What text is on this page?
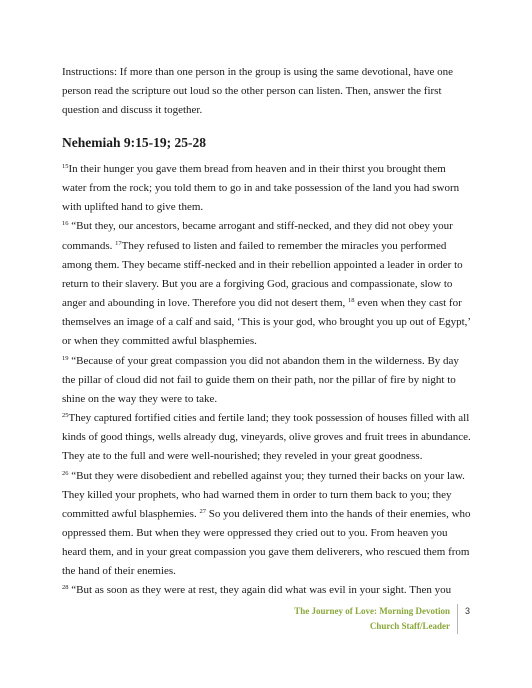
Instructions: If more than one person in the group is using the same devotional, have one person read the scripture out loud so the other person can listen. Then, answer the first question and discuss it together.
Nehemiah 9:15-19; 25-28

$^{15}$In their hunger you gave them bread from heaven and in their thirst you brought them water from the rock; you told them to go in and take possession of the land you had sworn with uplifted hand to give them.

$^{16}$ “But they, our ancestors, became arrogant and stiff-necked, and they did not obey your commands. $^{17}$They refused to listen and failed to remember the miracles you performed among them. They became stiff-necked and in their rebellion appointed a leader in order to return to their slavery. But you are a forgiving God, gracious and compassionate, slow to anger and abounding in love. Therefore you did not desert them, $^{18}$ even when they cast for themselves an image of a calf and said, ‘This is your god, who brought you up out of Egypt,’ or when they committed awful blasphemies.

$^{19}$ “Because of your great compassion you did not abandon them in the wilderness. By day the pillar of cloud did not fail to guide them on their path, nor the pillar of fire by night to shine on the way they were to take.

$^{25}$They captured fortified cities and fertile land; they took possession of houses filled with all kinds of good things, wells already dug, vineyards, olive groves and fruit trees in abundance. They ate to the full and were well-nourished; they reveled in your great goodness.

$^{26}$ “But they were disobedient and rebelled against you; they turned their backs on your law. They killed your prophets, who had warned them in order to turn them back to you; they committed awful blasphemies. $^{27}$ So you delivered them into the hands of their enemies, who oppressed them. But when they were oppressed they cried out to you. From heaven you heard them, and in your great compassion you gave them deliverers, who rescued them from the hand of their enemies.

$^{28}$ “But as soon as they were at rest, they again did what was evil in your sight. Then you

The Journey of Love: Morning Devotion
Church Staff/Leader
3
